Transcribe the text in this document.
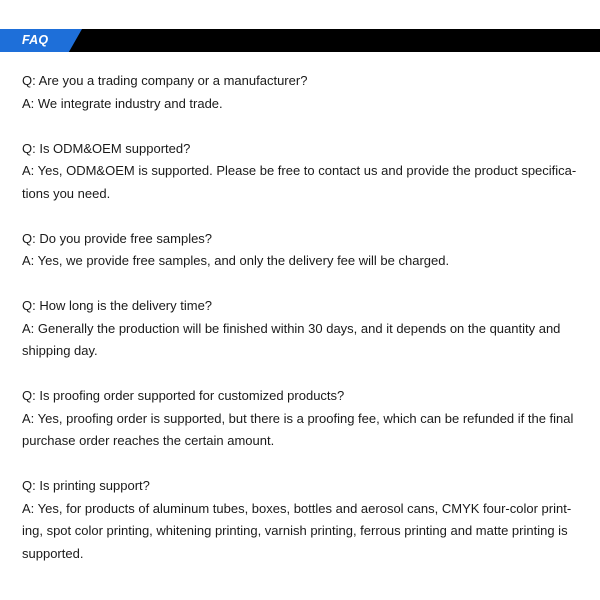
FAQ

Q: Are you a trading company or a manufacturer?

A: We integrate industry and trade.

Q: Is ODM&OEM supported?

A: Yes, ODM&OEM is supported. Please be free to contact us and provide the product specifica-

tions you need.

Q: Do you provide free samples?

A: Yes, we provide free samples, and only the delivery fee will be charged.

Q: How long is the delivery time?

A: Generally the production will be finished within 30 days, and it depends on the quantity and

shipping day.

Q: Is proofing order supported for customized products?

A: Yes, proofing order is supported, but there is a proofing fee, which can be refunded if the final

purchase order reaches the certain amount.

Q: Is printing support?

A: Yes, for products of aluminum tubes, boxes, bottles and aerosol cans, CMYK four-color print-

ing, spot color printing, whitening printing, varnish printing, ferrous printing and matte printing is

supported.
